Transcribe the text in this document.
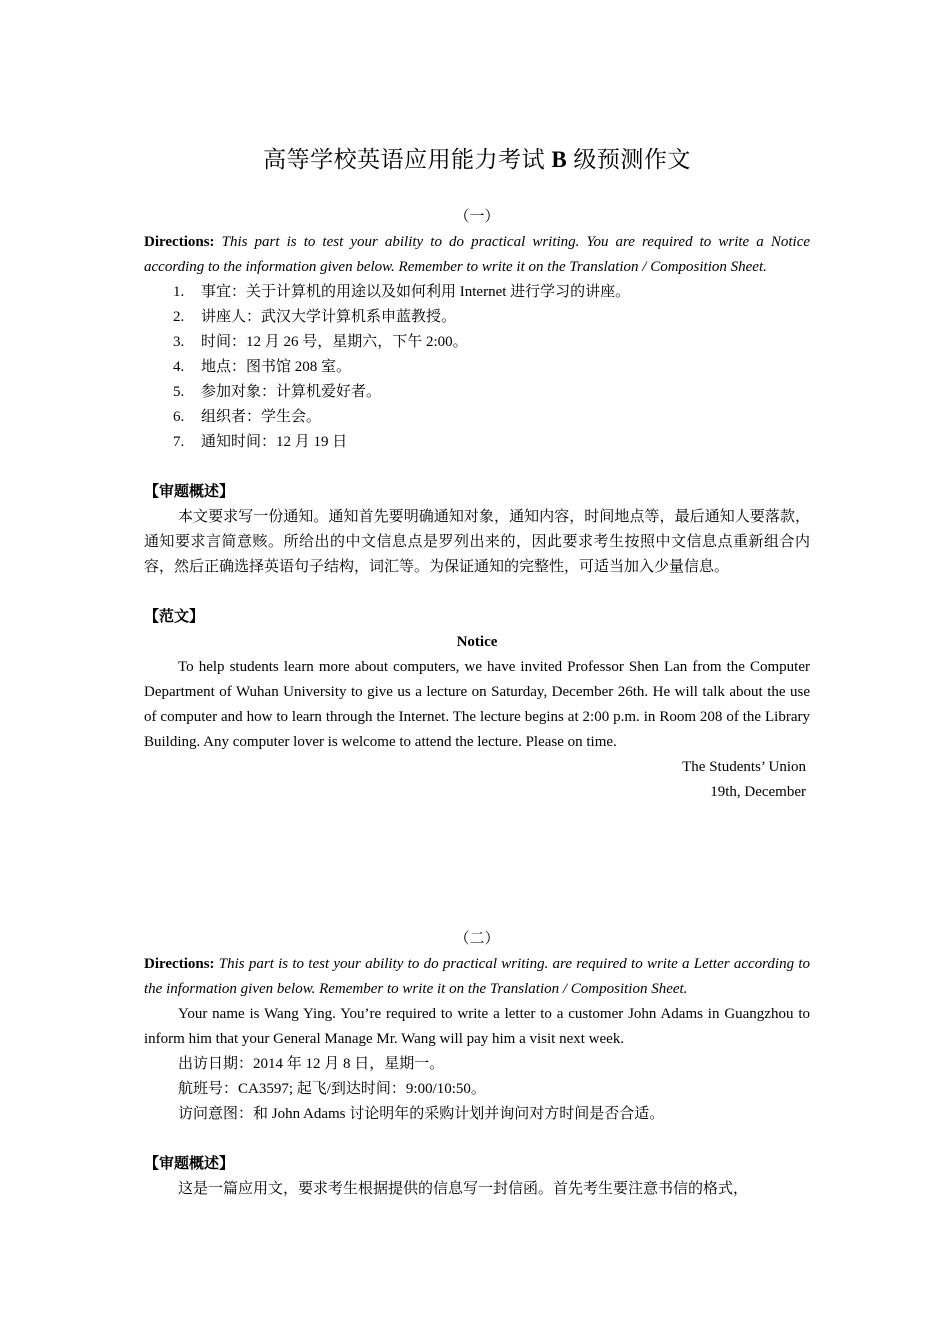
高等学校英语应用能力考试 B 级预测作文

（一）

Directions: This part is to test your ability to do practical writing. You are required to write a Notice according to the information given below. Remember to write it on the Translation / Composition Sheet.

1. 事宜：关于计算机的用途以及如何利用 Internet 进行学习的讲座。
2. 讲座人：武汉大学计算机系申蓝教授。
3. 时间：12 月 26 号，星期六，下午 2:00。
4. 地点：图书馆 208 室。
5. 参加对象：计算机爱好者。
6. 组织者：学生会。
7. 通知时间：12 月 19 日

【审题概述】

本文要求写一份通知。通知首先要明确通知对象，通知内容，时间地点等，最后通知人要落款，通知要求言简意赅。所给出的中文信息点是罗列出来的，因此要求考生按照中文信息点重新组合内容，然后正确选择英语句子结构，词汇等。为保证通知的完整性，可适当加入少量信息。

【范文】

Notice

To help students learn more about computers, we have invited Professor Shen Lan from the Computer Department of Wuhan University to give us a lecture on Saturday, December 26th. He will talk about the use of computer and how to learn through the Internet. The lecture begins at 2:00 p.m. in Room 208 of the Library Building. Any computer lover is welcome to attend the lecture. Please on time.

The Students’ Union

19th, December

（二）

Directions: This part is to test your ability to do practical writing. are required to write a Letter according to the information given below. Remember to write it on the Translation / Composition Sheet.

Your name is Wang Ying. You’re required to write a letter to a customer John Adams in Guangzhou to inform him that your General Manage Mr. Wang will pay him a visit next week.

出访日期：2014 年 12 月 8 日，星期一。

航班号：CA3597; 起飞/到达时间：9:00/10:50。

访问意图：和 John Adams 讨论明年的采购计划并询问对方时间是否合适。

【审题概述】

这是一篇应用文，要求考生根据提供的信息写一封信函。首先考生要注意书信的格式，
